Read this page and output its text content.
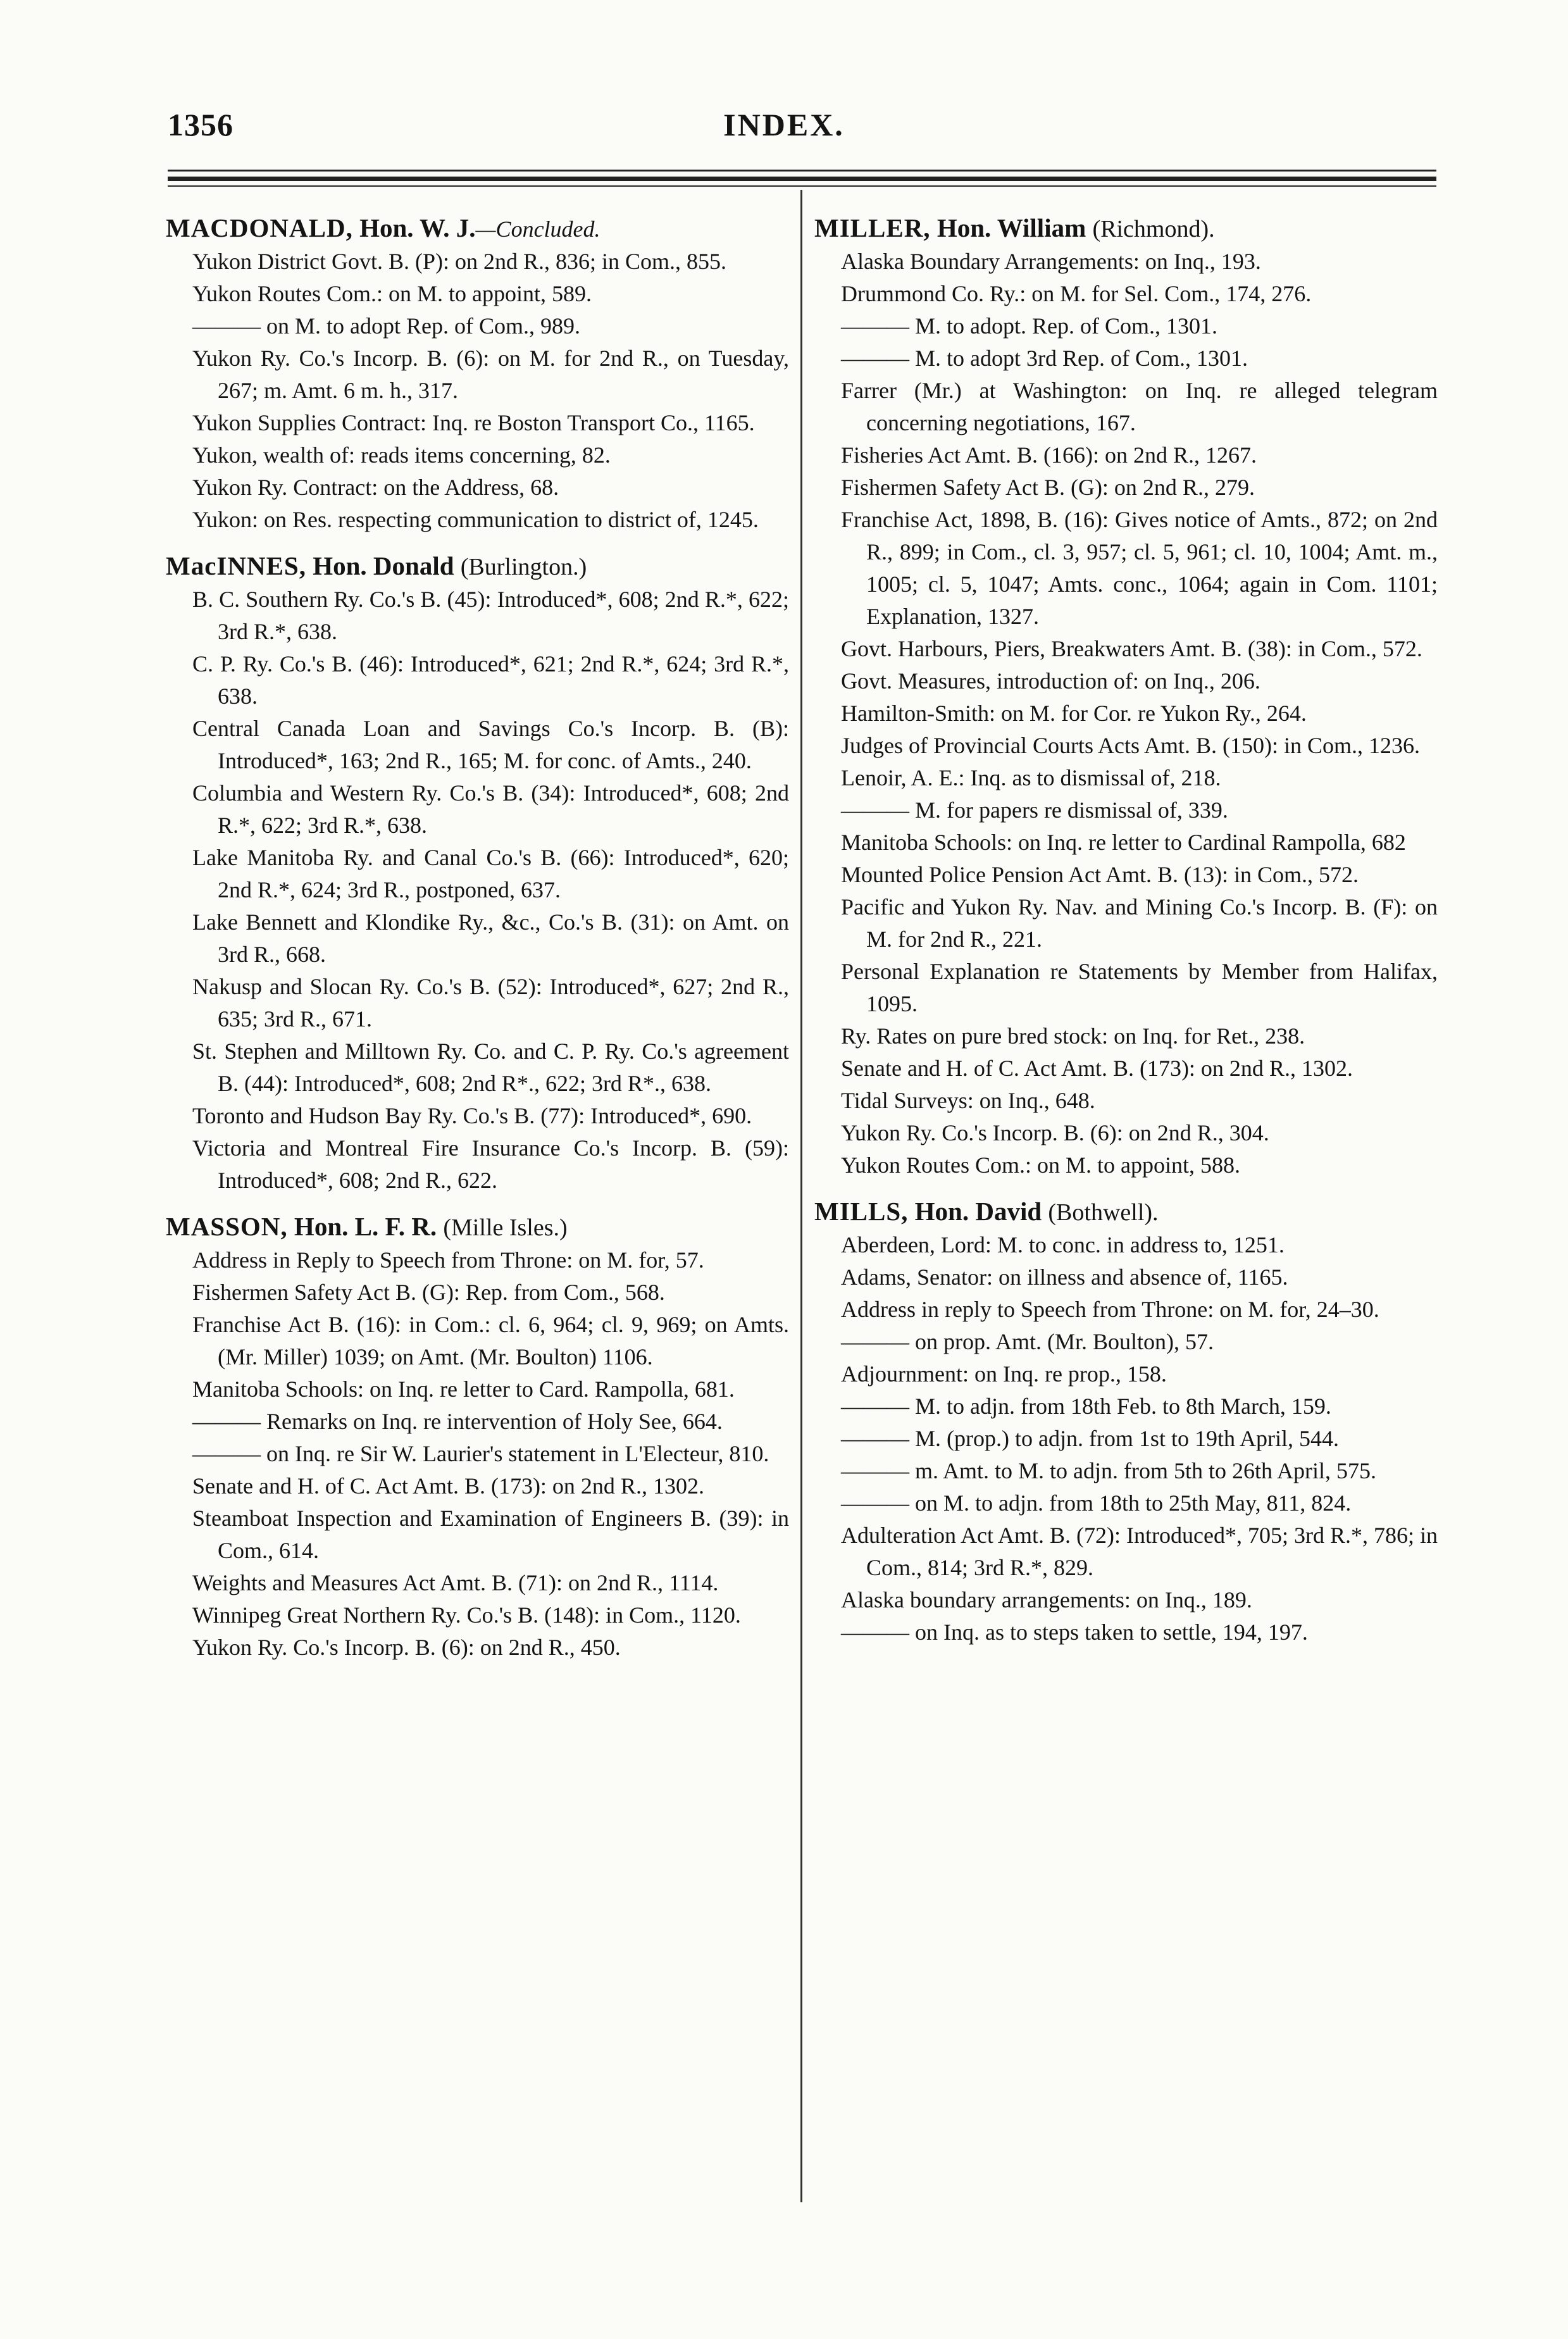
1356	INDEX.
MACDONALD, Hon. W. J.—Concluded.

Yukon District Govt. B. (P): on 2nd R., 836; in Com., 855.

Yukon Routes Com.: on M. to appoint, 589.

——— on M. to adopt Rep. of Com., 989.

Yukon Ry. Co.'s Incorp. B. (6): on M. for 2nd R., on Tuesday, 267; m. Amt. 6 m. h., 317.

Yukon Supplies Contract: Inq. re Boston Transport Co., 1165.

Yukon, wealth of: reads items concerning, 82.

Yukon Ry. Contract: on the Address, 68.

Yukon: on Res. respecting communication to district of, 1245.

MacINNES, Hon. Donald (Burlington.)

B. C. Southern Ry. Co.'s B. (45): Introduced*, 608; 2nd R.*, 622; 3rd R.*, 638.

C. P. Ry. Co.'s B. (46): Introduced*, 621; 2nd R.*, 624; 3rd R.*, 638.

Central Canada Loan and Savings Co.'s Incorp. B. (B): Introduced*, 163; 2nd R., 165; M. for conc. of Amts., 240.

Columbia and Western Ry. Co.'s B. (34): Introduced*, 608; 2nd R.*, 622; 3rd R.*, 638.

Lake Manitoba Ry. and Canal Co.'s B. (66): Introduced*, 620; 2nd R.*, 624; 3rd R., postponed, 637.

Lake Bennett and Klondike Ry., &c., Co.'s B. (31): on Amt. on 3rd R., 668.

Nakusp and Slocan Ry. Co.'s B. (52): Introduced*, 627; 2nd R., 635; 3rd R., 671.

St. Stephen and Milltown Ry. Co. and C. P. Ry. Co.'s agreement B. (44): Introduced*, 608; 2nd R*., 622; 3rd R*., 638.

Toronto and Hudson Bay Ry. Co.'s B. (77): Introduced*, 690.

Victoria and Montreal Fire Insurance Co.'s Incorp. B. (59): Introduced*, 608; 2nd R., 622.

MASSON, Hon. L. F. R. (Mille Isles.)

Address in Reply to Speech from Throne: on M. for, 57.

Fishermen Safety Act B. (G): Rep. from Com., 568.

Franchise Act B. (16): in Com.: cl. 6, 964; cl. 9, 969; on Amts. (Mr. Miller) 1039; on Amt. (Mr. Boulton) 1106.

Manitoba Schools: on Inq. re letter to Card. Rampolla, 681.

——— Remarks on Inq. re intervention of Holy See, 664.

——— on Inq. re Sir W. Laurier's statement in L'Electeur, 810.

Senate and H. of C. Act Amt. B. (173): on 2nd R., 1302.

Steamboat Inspection and Examination of Engineers B. (39): in Com., 614.

Weights and Measures Act Amt. B. (71): on 2nd R., 1114.

Winnipeg Great Northern Ry. Co.'s B. (148): in Com., 1120.

Yukon Ry. Co.'s Incorp. B. (6): on 2nd R., 450.

MILLER, Hon. William (Richmond).

Alaska Boundary Arrangements: on Inq., 193.

Drummond Co. Ry.: on M. for Sel. Com., 174, 276.

——— M. to adopt. Rep. of Com., 1301.

——— M. to adopt 3rd Rep. of Com., 1301.

Farrer (Mr.) at Washington: on Inq. re alleged telegram concerning negotiations, 167.

Fisheries Act Amt. B. (166): on 2nd R., 1267.

Fishermen Safety Act B. (G): on 2nd R., 279.

Franchise Act, 1898, B. (16): Gives notice of Amts., 872; on 2nd R., 899; in Com., cl. 3, 957; cl. 5, 961; cl. 10, 1004; Amt. m., 1005; cl. 5, 1047; Amts. conc., 1064; again in Com. 1101; Explanation, 1327.

Govt. Harbours, Piers, Breakwaters Amt. B. (38): in Com., 572.

Govt. Measures, introduction of: on Inq., 206.

Hamilton-Smith: on M. for Cor. re Yukon Ry., 264.

Judges of Provincial Courts Acts Amt. B. (150): in Com., 1236.

Lenoir, A. E.: Inq. as to dismissal of, 218.

——— M. for papers re dismissal of, 339.

Manitoba Schools: on Inq. re letter to Cardinal Rampolla, 682

Mounted Police Pension Act Amt. B. (13): in Com., 572.

Pacific and Yukon Ry. Nav. and Mining Co.'s Incorp. B. (F): on M. for 2nd R., 221.

Personal Explanation re Statements by Member from Halifax, 1095.

Ry. Rates on pure bred stock: on Inq. for Ret., 238.

Senate and H. of C. Act Amt. B. (173): on 2nd R., 1302.

Tidal Surveys: on Inq., 648.

Yukon Ry. Co.'s Incorp. B. (6): on 2nd R., 304.

Yukon Routes Com.: on M. to appoint, 588.

MILLS, Hon. David (Bothwell).

Aberdeen, Lord: M. to conc. in address to, 1251.

Adams, Senator: on illness and absence of, 1165.

Address in reply to Speech from Throne: on M. for, 24–30.

——— on prop. Amt. (Mr. Boulton), 57.

Adjournment: on Inq. re prop., 158.

——— M. to adjn. from 18th Feb. to 8th March, 159.

——— M. (prop.) to adjn. from 1st to 19th April, 544.

——— m. Amt. to M. to adjn. from 5th to 26th April, 575.

——— on M. to adjn. from 18th to 25th May, 811, 824.

Adulteration Act Amt. B. (72): Introduced*, 705; 3rd R.*, 786; in Com., 814; 3rd R.*, 829.

Alaska boundary arrangements: on Inq., 189.

——— on Inq. as to steps taken to settle, 194, 197.
